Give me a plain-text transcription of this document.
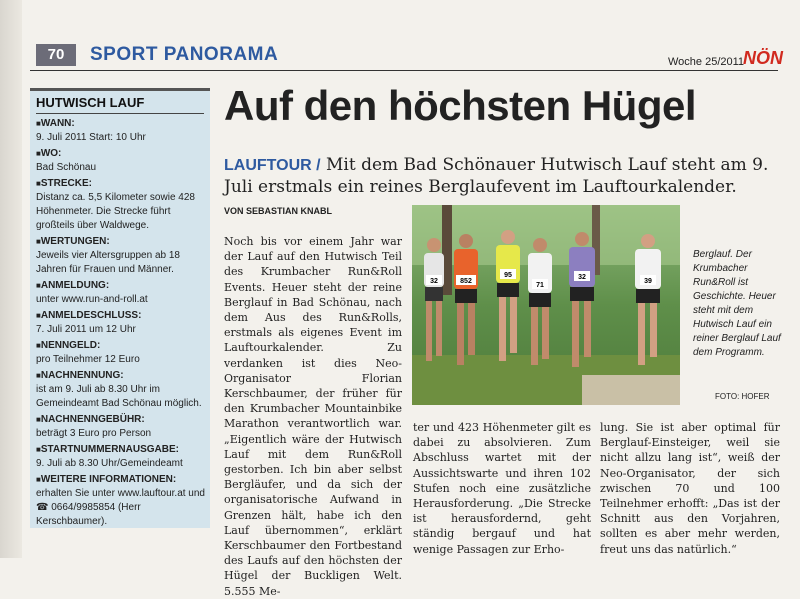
70	SPORT PANORAMA	Woche 25/2011
NÖN
HUTWISCH LAUF
■ WANN:
9. Juli 2011 Start: 10 Uhr
■ WO:
Bad Schönau
■ STRECKE:
Distanz ca. 5,5 Kilometer sowie 428 Höhenmeter. Die Strecke führt großteils über Waldwege.
■ WERTUNGEN:
Jeweils vier Altersgruppen ab 18 Jahren für Frauen und Männer.
■ ANMELDUNG:
unter www.run-and-roll.at
■ ANMELDESCHLUSS:
7. Juli 2011 um 12 Uhr
■ NENNGELD:
pro Teilnehmer 12 Euro
■ NACHNENNUNG:
ist am 9. Juli ab 8.30 Uhr im Gemeindeamt Bad Schönau möglich.
■ NACHNENNGEBÜHR:
beträgt 3 Euro pro Person
■ STARTNUMMERNAUSGABE:
9. Juli ab 8.30 Uhr/Gemeindeamt
■ WEITERE INFORMATIONEN:
erhalten Sie unter www.lauftour.at und ☎ 0664/9985854 (Herr Kerschbaumer).
Auf den höchsten Hügel
LAUFTOUR / Mit dem Bad Schönauer Hutwisch Lauf steht am 9. Juli erstmals ein reines Berglaufevent im Lauftourkalender.
VON SEBASTIAN KNABL
Noch bis vor einem Jahr war der Lauf auf den Hutwisch Teil des Krumbacher Run&Roll Events. Heuer steht der reine Berglauf in Bad Schönau, nach dem Aus des Run&Rolls, erstmals als eigenes Event im Lauftourkalender. Zu verdanken ist dies Neo-Organisator Florian Kerschbaumer, der früher für den Krumbacher Mountainbike Marathon verantwortlich war. „Eigentlich wäre der Hutwisch Lauf mit dem Run&Roll gestorben. Ich bin aber selbst Bergläufer, und da sich der organisatorische Aufwand in Grenzen hält, habe ich den Lauf übernommen“, erklärt Kerschbaumer den Fortbestand des Laufs auf den höchsten der Hügel der Buckligen Welt. 5.555 Me-
ter und 423 Höhenmeter gilt es dabei zu absolvieren. Zum Abschluss wartet mit der Aussichtswarte und ihren 102 Stufen noch eine zusätzliche Herausforderung. „Die Strecke ist herausfordernd, geht ständig bergauf und hat wenige Passagen zur Erho-
lung. Sie ist aber optimal für Berglauf-Einsteiger, weil sie nicht allzu lang ist“, weiß der Neo-Organisator, der sich zwischen 70 und 100 Teilnehmer erhofft: „Das ist der Schnitt aus den Vorjahren, sollten es aber mehr werden, freut uns das natürlich.“
32	852
95
71
32
39
Berglauf. Der Krumbacher Run&Roll ist Geschichte. Heuer steht mit dem Hutwisch Lauf ein reiner Berglauf Lauf dem Programm.
FOTO: HOFER
